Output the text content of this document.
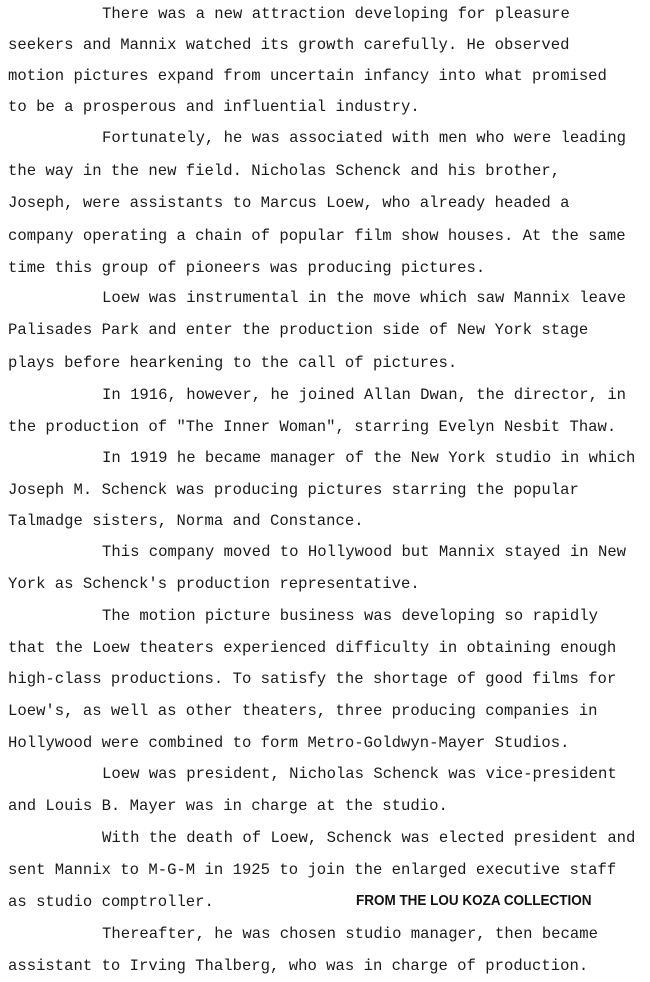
There was a new attraction developing for pleasure
seekers and Mannix watched its growth carefully. He observed
motion pictures expand from uncertain infancy into what promised
to be a prosperous and influential industry.
Fortunately, he was associated with men who were leading
the way in the new field. Nicholas Schenck and his brother,
Joseph, were assistants to Marcus Loew, who already headed a
company operating a chain of popular film show houses. At the same
time this group of pioneers was producing pictures.
Loew was instrumental in the move which saw Mannix leave
Palisades Park and enter the production side of New York stage
plays before hearkening to the call of pictures.
In 1916, however, he joined Allan Dwan, the director, in
the production of "The Inner Woman", starring Evelyn Nesbit Thaw.
In 1919 he became manager of the New York studio in which
Joseph M. Schenck was producing pictures starring the popular
Talmadge sisters, Norma and Constance.
This company moved to Hollywood but Mannix stayed in New
York as Schenck's production representative.
The motion picture business was developing so rapidly
that the Loew theaters experienced difficulty in obtaining enough
high-class productions. To satisfy the shortage of good films for
Loew's, as well as other theaters, three producing companies in
Hollywood were combined to form Metro-Goldwyn-Mayer Studios.
Loew was president, Nicholas Schenck was vice-president
and Louis B. Mayer was in charge at the studio.
With the death of Loew, Schenck was elected president and
sent Mannix to M-G-M in 1925 to join the enlarged executive staff
as studio comptroller.	FROM THE LOU KOZA COLLECTION
Thereafter, he was chosen studio manager, then became
assistant to Irving Thalberg, who was in charge of production.
